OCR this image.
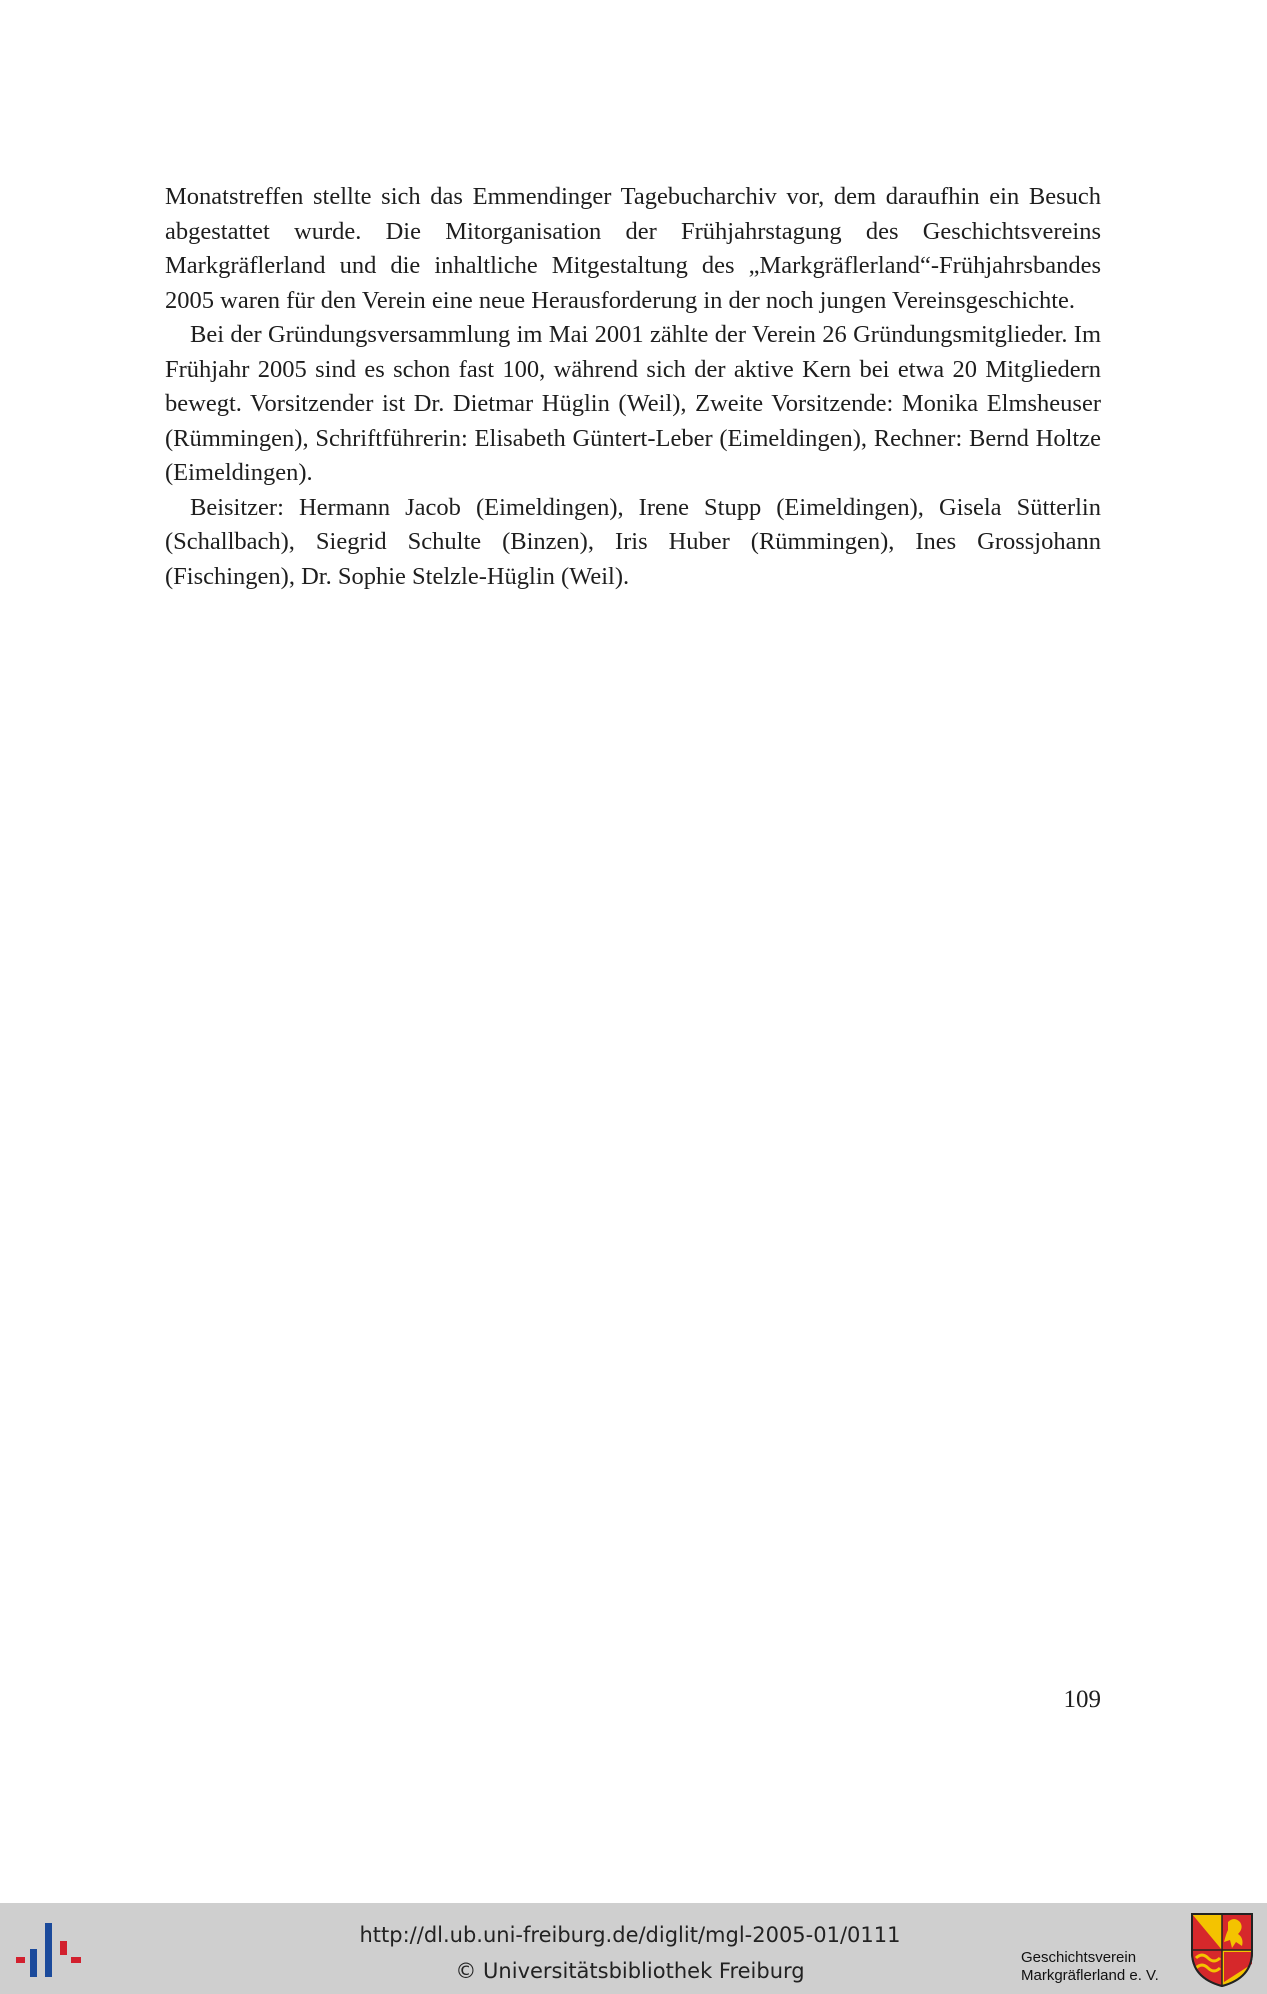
Monatstreffen stellte sich das Emmendinger Tagebucharchiv vor, dem daraufhin ein Besuch abgestattet wurde. Die Mitorganisation der Frühjahrstagung des Geschichtsvereins Markgräflerland und die inhaltliche Mitgestaltung des „Markgräflerland“-Frühjahrsbandes 2005 waren für den Verein eine neue Herausforderung in der noch jungen Vereinsgeschichte.

Bei der Gründungsversammlung im Mai 2001 zählte der Verein 26 Gründungsmitglieder. Im Frühjahr 2005 sind es schon fast 100, während sich der aktive Kern bei etwa 20 Mitgliedern bewegt. Vorsitzender ist Dr. Dietmar Hüglin (Weil), Zweite Vorsitzende: Monika Elmsheuser (Rümmingen), Schriftführerin: Elisabeth Güntert-Leber (Eimeldingen), Rechner: Bernd Holtze (Eimeldingen).

Beisitzer: Hermann Jacob (Eimeldingen), Irene Stupp (Eimeldingen), Gisela Sütterlin (Schallbach), Siegrid Schulte (Binzen), Iris Huber (Rümmingen), Ines Grossjohann (Fischingen), Dr. Sophie Stelzle-Hüglin (Weil).

109
http://dl.ub.uni-freiburg.de/diglit/mgl-2005-01/0111
© Universitätsbibliothek Freiburg
Geschichtsverein
Markgräflerland e. V.
